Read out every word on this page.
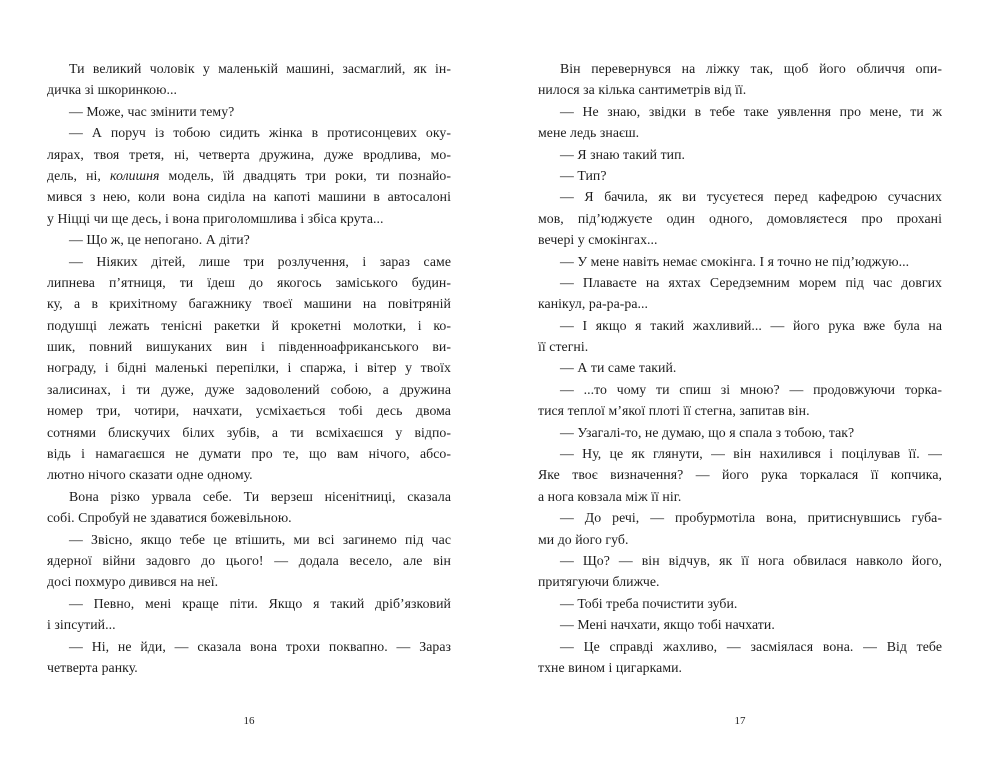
Ти великий чоловік у маленькій машині, засмаглий, як ін-
дичка зі шкоринкою...
— Може, час змінити тему?
— А поруч із тобою сидить жінка в протисонцевих оку-
лярах, твоя третя, ні, четверта дружина, дуже вродлива, мо-
дель, ні, колишня модель, їй двадцять три роки, ти познайо-
мився з нею, коли вона сиділа на капоті машини в автосалоні
у Ніцці чи ще десь, і вона приголомшлива і збіса крута...
— Що ж, це непогано. А діти?
— Ніяких дітей, лише три розлучення, і зараз саме
липнева п’ятниця, ти їдеш до якогось заміського будин-
ку, а в крихітному багажнику твоєї машини на повітряній
подушці лежать тенісні ракетки й крокетні молотки, і ко-
шик, повний вишуканих вин і південноафриканського ви-
нограду, і бідні маленькі перепілки, і спаржа, і вітер у твоїх
залисинах, і ти дуже, дуже задоволений собою, а дружина
номер три, чотири, начхати, усміхається тобі десь двома
сотнями блискучих білих зубів, а ти всміхаєшся у відпо-
відь і намагаєшся не думати про те, що вам нічого, абсо-
лютно нічого сказати одне одному.
Вона різко урвала себе. Ти верзеш нісенітниці, сказала
собі. Спробуй не здаватися божевільною.
— Звісно, якщо тебе це втішить, ми всі загинемо під час
ядерної війни задовго до цього! — додала весело, але він
досі похмуро дивився на неї.
— Певно, мені краще піти. Якщо я такий дріб’язковий
і зіпсутий...
— Ні, не йди, — сказала вона трохи поквапно. — Зараз
четверта ранку.
Він перевернувся на ліжку так, щоб його обличчя опи-
нилося за кілька сантиметрів від її.
— Не знаю, звідки в тебе таке уявлення про мене, ти ж
мене ледь знаєш.
— Я знаю такий тип.
— Тип?
— Я бачила, як ви тусуєтеся перед кафедрою сучасних
мов, під’юджуєте один одного, домовляєтеся про прохані
вечері у смокінгах...
— У мене навіть немає смокінга. І я точно не під’юджую...
— Плаваєте на яхтах Середземним морем під час довгих
канікул, ра-ра-ра...
— І якщо я такий жахливий... — його рука вже була на
її стегні.
— А ти саме такий.
— ...то чому ти спиш зі мною? — продовжуючи торка-
тися теплої м’якої плоті її стегна, запитав він.
— Узагалі-то, не думаю, що я спала з тобою, так?
— Ну, це як глянути, — він нахилився і поцілував її. —
Яке твоє визначення? — його рука торкалася її копчика,
а нога ковзала між її ніг.
— До речі, — пробурмотіла вона, притиснувшись губа-
ми до його губ.
— Що? — він відчув, як її нога обвилася навколо його,
притягуючи ближче.
— Тобі треба почистити зуби.
— Мені начхати, якщо тобі начхати.
— Це справді жахливо, — засміялася вона. — Від тебе
тхне вином і цигарками.
16	17
